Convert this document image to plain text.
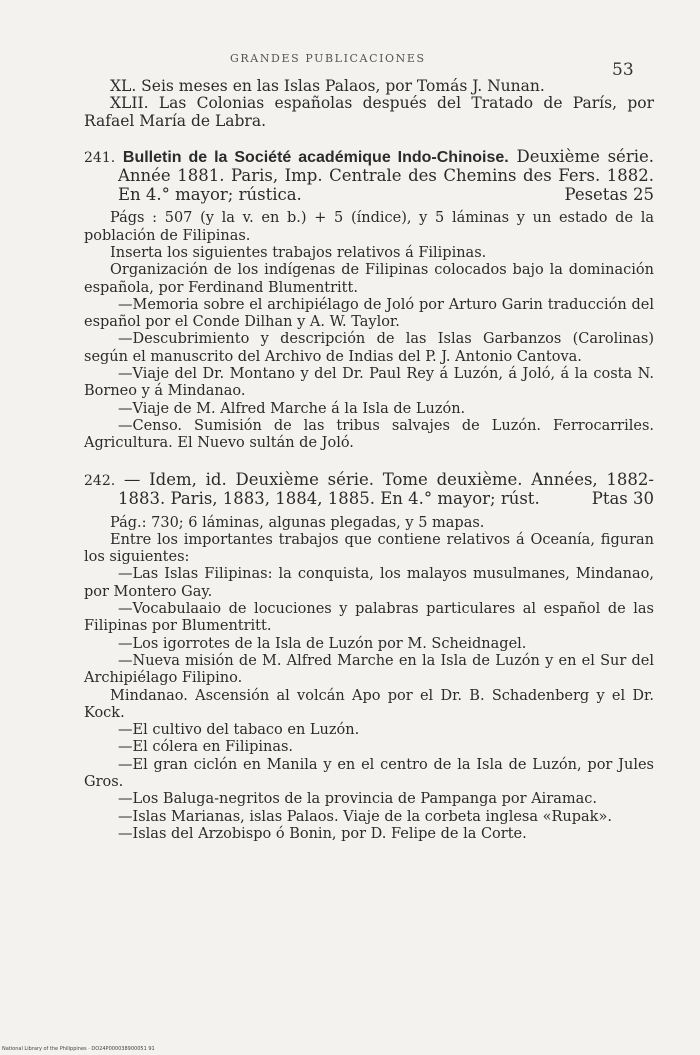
GRANDES PUBLICACIONES
53

XL. Seis meses en las Islas Palaos, por Tomás J. Nunan.

XLII. Las Colonias españolas después del Tratado de París, por Rafael María de Labra.

241. Bulletin de la Société académique Indo-Chinoise. Deuxième série. Année 1881. Paris, Imp. Centrale des Chemins des Fers. 1882. En 4.° mayor; rústica.	Pesetas 25

Págs : 507 (y la v. en b.) + 5 (índice), y 5 láminas y un estado de la población de Filipinas.

Inserta los siguientes trabajos relativos á Filipinas.

Organización de los indígenas de Filipinas colocados bajo la dominación española, por Ferdinand Blumentritt.

—Memoria sobre el archipiélago de Joló por Arturo Garin traducción del español por el Conde Dilhan y A. W. Taylor.

—Descubrimiento y descripción de las Islas Garbanzos (Carolinas) según el manuscrito del Archivo de Indias del P. J. Antonio Cantova.

—Viaje del Dr. Montano y del Dr. Paul Rey á Luzón, á Joló, á la costa N. Borneo y á Mindanao.

—Viaje de M. Alfred Marche á la Isla de Luzón.

—Censo. Sumisión de las tribus salvajes de Luzón. Ferrocarriles. Agricultura. El Nuevo sultán de Joló.

242. — Idem, id. Deuxième série. Tome deuxième. Années, 1882-1883. Paris, 1883, 1884, 1885. En 4.° mayor; rúst.	Ptas 30

Pág.: 730; 6 láminas, algunas plegadas, y 5 mapas.

Entre los importantes trabajos que contiene relativos á Oceanía, figuran los siguientes:

—Las Islas Filipinas: la conquista, los malayos musulmanes, Mindanao, por Montero Gay.

—Vocabulaaio de locuciones y palabras particulares al español de las Filipinas por Blumentritt.

—Los igorrotes de la Isla de Luzón por M. Scheidnagel.

—Nueva misión de M. Alfred Marche en la Isla de Luzón y en el Sur del Archipiélago Filipino.

Mindanao. Ascensión al volcán Apo por el Dr. B. Schadenberg y el Dr. Kock.

—El cultivo del tabaco en Luzón.

—El cólera en Filipinas.

—El gran ciclón en Manila y en el centro de la Isla de Luzón, por Jules Gros.

—Los Baluga-negritos de la provincia de Pampanga por Airamac.

—Islas Marianas, islas Palaos. Viaje de la corbeta inglesa «Rupak».

—Islas del Arzobispo ó Bonin, por D. Felipe de la Corte.

National Library of the Philippines · DO24P000038900051 91
